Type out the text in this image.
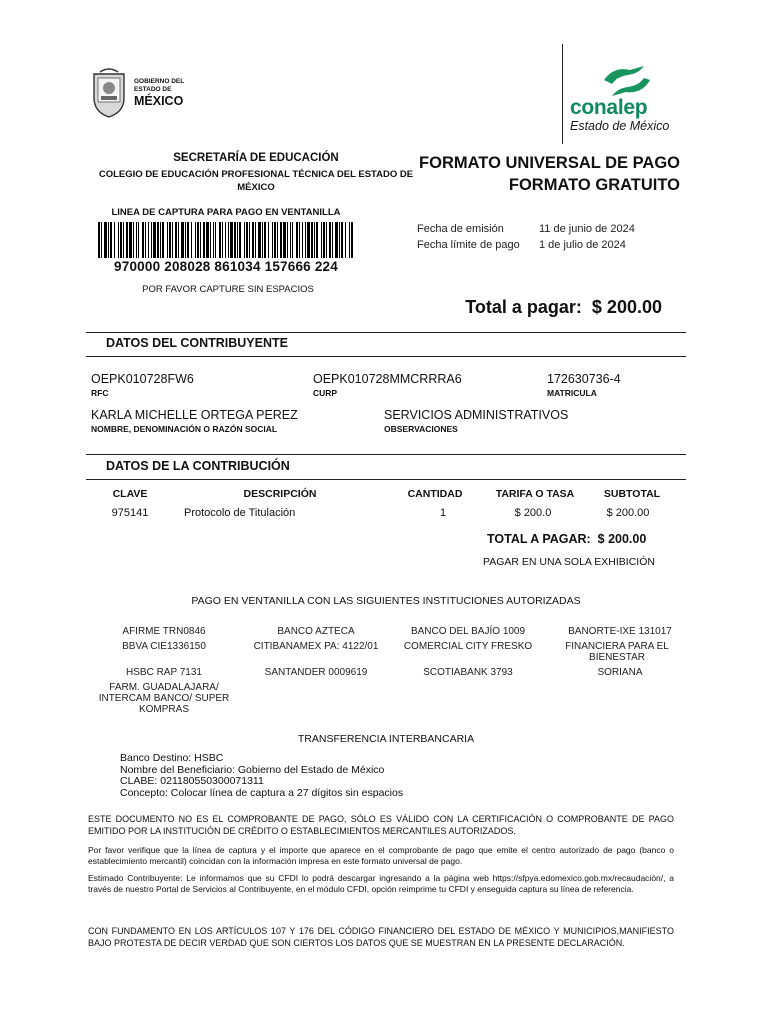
GOBIERNO DEL
ESTADO DE
MÉXICO	conalep
Estado de México
SECRETARÍA DE EDUCACIÓN
COLEGIO DE EDUCACIÓN PROFESIONAL TÉCNICA DEL ESTADO DE MÉXICO
LINEA DE CAPTURA PARA PAGO EN VENTANILLA
970000 208028 861034 157666 224
POR FAVOR CAPTURE SIN ESPACIOS
FORMATO UNIVERSAL DE PAGO
FORMATO GRATUITO
Fecha de emisión	11 de junio de 2024
Fecha límite de pago 1 de julio de 2024
Total a pagar: $ 200.00
DATOS DEL CONTRIBUYENTE
OEPK010728FW6
RFC
OEPK010728MMCRRRA6
CURP
172630736-4
MATRICULA
KARLA MICHELLE ORTEGA PEREZ
NOMBRE, DENOMINACIÓN O RAZÓN SOCIAL
SERVICIOS ADMINISTRATIVOS
OBSERVACIONES
DATOS DE LA CONTRIBUCIÓN
CLAVE	DESCRIPCIÓN	CANTIDAD	TARIFA O TASA	SUBTOTAL
975141	Protocolo de Titulación	1	$ 200.0	$ 200.00
TOTAL A PAGAR: $ 200.00
PAGAR EN UNA SOLA EXHIBICIÓN
PAGO EN VENTANILLA CON LAS SIGUIENTES INSTITUCIONES AUTORIZADAS
AFIRME TRN0846	BANCO AZTECA	BANCO DEL BAJÍO 1009	BANORTE-IXE 131017
BBVA CIE1336150	CITIBANAMEX PA: 4122/01	COMERCIAL CITY FRESKO	FINANCIERA PARA EL BIENESTAR
HSBC RAP 7131	SANTANDER 0009619	SCOTIABANK 3793	SORIANA
FARM. GUADALAJARA/ INTERCAM BANCO/ SUPER KOMPRAS
TRANSFERENCIA INTERBANCARIA
Banco Destino: HSBC
Nombre del Beneficiario: Gobierno del Estado de México
CLABE: 021180550300071311
Concepto: Colocar línea de captura a 27 dígitos sin espacios
ESTE DOCUMENTO NO ES EL COMPROBANTE DE PAGO, SÓLO ES VÁLIDO CON LA CERTIFICACIÓN O COMPROBANTE DE PAGO EMITIDO POR LA INSTITUCIÓN DE CRÉDITO O ESTABLECIMIENTOS MERCANTILES AUTORIZADOS.
Por favor verifique que la línea de captura y el importe que aparece en el comprobante de pago que emite el centro autorizado de pago (banco o establecimiento mercantil) coincidan con la información impresa en este formato universal de pago.
Estimado Contribuyente: Le informamos que su CFDI lo podrá descargar ingresando a la página web https://sfpya.edomexico.gob.mx/recaudación/, a través de nuestro Portal de Servicios al Contribuyente, en el módulo CFDI, opción reimprime tu CFDI y enseguida captura su línea de referencia.
CON FUNDAMENTO EN LOS ARTÍCULOS 107 Y 176 DEL CÓDIGO FINANCIERO DEL ESTADO DE MÉXICO Y MUNICIPIOS,MANIFIESTO BAJO PROTESTA DE DECIR VERDAD QUE SON CIERTOS LOS DATOS QUE SE MUESTRAN EN LA PRESENTE DECLARACIÓN.
